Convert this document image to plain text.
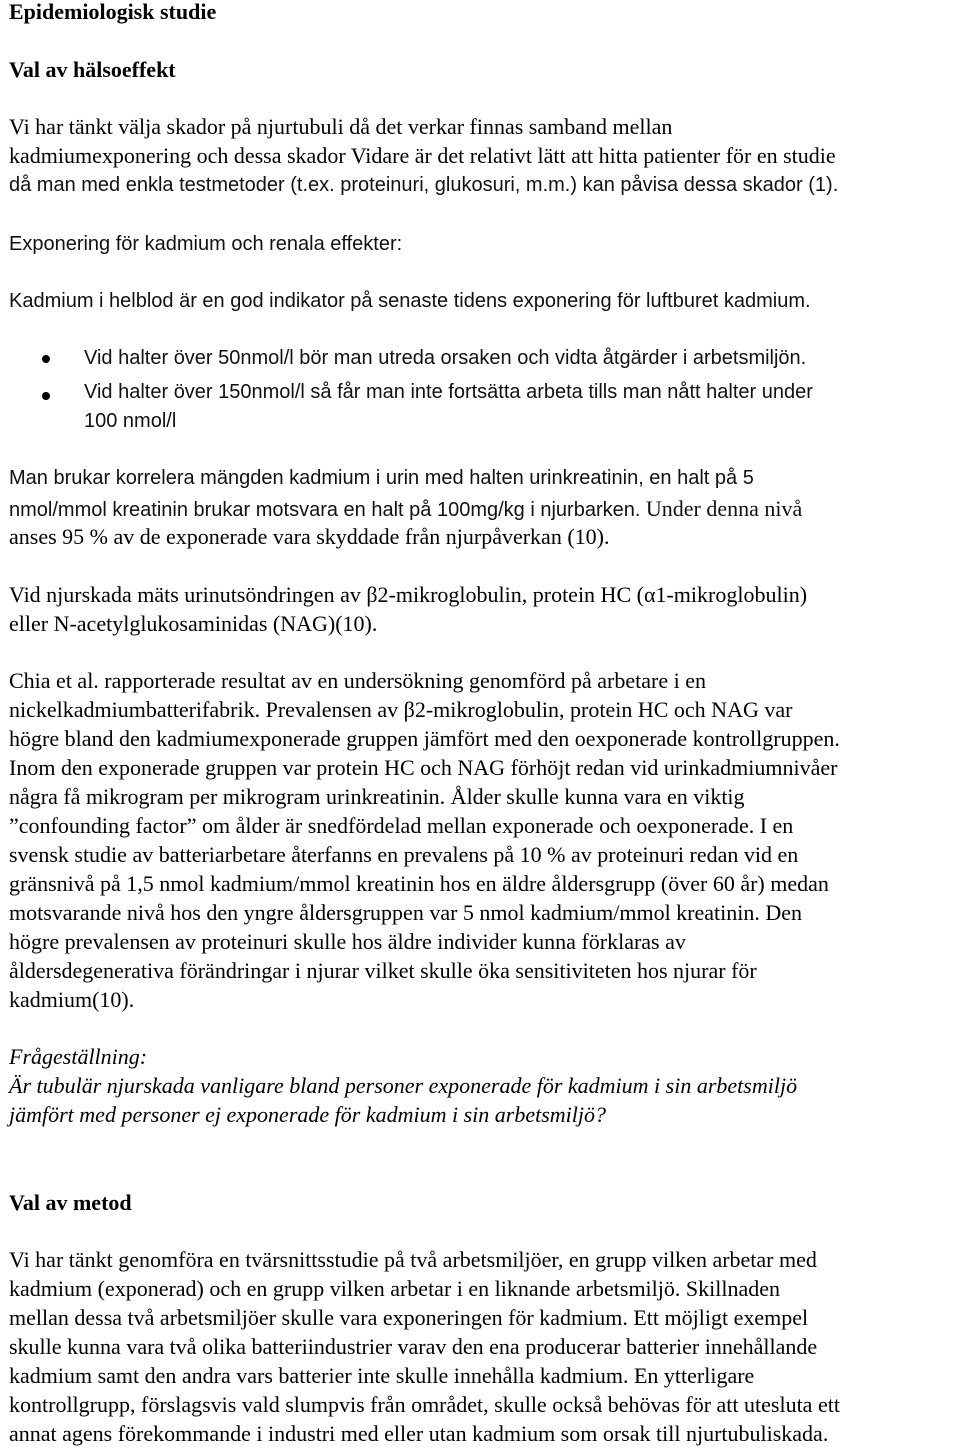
Epidemiologisk studie
Val av hälsoeffekt
Vi har tänkt välja skador på njurtubuli då det verkar finnas samband mellan
kadmiumexponering och dessa skador Vidare är det relativt lätt att hitta patienter för en studie
då man med enkla testmetoder (t.ex. proteinuri, glukosuri, m.m.) kan påvisa dessa skador (1).
Exponering för kadmium och renala effekter:
Kadmium i helblod är en god indikator på senaste tidens exponering för luftburet kadmium.
Vid halter över 50nmol/l bör man utreda orsaken och vidta åtgärder i arbetsmiljön.
Vid halter över 150nmol/l så får man inte fortsätta arbeta tills man nått halter under
100 nmol/l
Man brukar korrelera mängden kadmium i urin med halten urinkreatinin, en halt på 5
nmol/mmol kreatinin brukar motsvara en halt på 100mg/kg i njurbarken. Under denna nivå
anses 95 % av de exponerade vara skyddade från njurpåverkan (10).
Vid njurskada mäts urinutsöndringen av β2-mikroglobulin, protein HC (α1-mikroglobulin)
eller N-acetylglukosaminidas (NAG)(10).
Chia et al. rapporterade resultat av en undersökning genomförd på arbetare i en
nickelkadmiumbatterifabrik. Prevalensen av β2-mikroglobulin, protein HC och NAG var
högre bland den kadmiumexponerade gruppen jämfört med den oexponerade kontrollgruppen.
Inom den exponerade gruppen var protein HC och NAG förhöjt redan vid urinkadmiumnivåer
några få mikrogram per mikrogram urinkreatinin. Ålder skulle kunna vara en viktig
”confounding factor” om ålder är snedfördelad mellan exponerade och oexponerade. I en
svensk studie av batteriarbetare återfanns en prevalens på 10 % av proteinuri redan vid en
gränsnivå på 1,5 nmol kadmium/mmol kreatinin hos en äldre åldersgrupp (över 60 år) medan
motsvarande nivå hos den yngre åldersgruppen var 5 nmol kadmium/mmol kreatinin. Den
högre prevalensen av proteinuri skulle hos äldre individer kunna förklaras av
åldersdegenerativa förändringar i njurar vilket skulle öka sensitiviteten hos njurar för
kadmium(10).
Frågeställning:
Är tubulär njurskada vanligare bland personer exponerade för kadmium i sin arbetsmiljö
jämfört med personer ej exponerade för kadmium i sin arbetsmiljö?
Val av metod
Vi har tänkt genomföra en tvärsnittsstudie på två arbetsmiljöer, en grupp vilken arbetar med
kadmium (exponerad) och en grupp vilken arbetar i en liknande arbetsmiljö. Skillnaden
mellan dessa två arbetsmiljöer skulle vara exponeringen för kadmium. Ett möjligt exempel
skulle kunna vara två olika batteriindustrier varav den ena producerar batterier innehållande
kadmium samt den andra vars batterier inte skulle innehålla kadmium. En ytterligare
kontrollgrupp, förslagsvis vald slumpvis från området, skulle också behövas för att utesluta ett
annat agens förekommande i industri med eller utan kadmium som orsak till njurtubuliskada.
